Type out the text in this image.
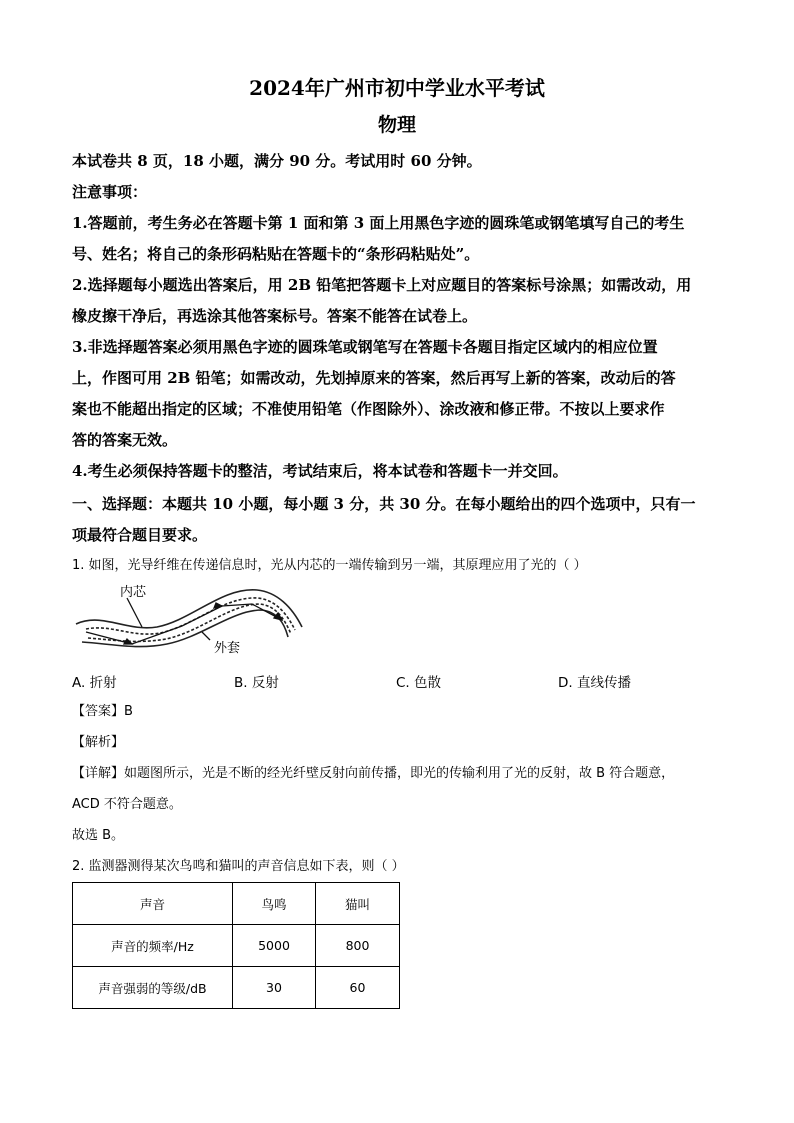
2024年广州市初中学业水平考试
物理
本试卷共 8 页，18 小题，满分 90 分。考试用时 60 分钟。
注意事项：
1.答题前，考生务必在答题卡第 1 面和第 3 面上用黑色字迹的圆珠笔或钢笔填写自己的考生
号、姓名；将自己的条形码粘贴在答题卡的“条形码粘贴处”。
2.选择题每小题选出答案后，用 2B 铅笔把答题卡上对应题目的答案标号涂黑；如需改动，用
橡皮擦干净后，再选涂其他答案标号。答案不能答在试卷上。
3.非选择题答案必须用黑色字迹的圆珠笔或钢笔写在答题卡各题目指定区域内的相应位置
上，作图可用 2B 铅笔；如需改动，先划掉原来的答案，然后再写上新的答案，改动后的答
案也不能超出指定的区域；不准使用铅笔（作图除外）、涂改液和修正带。不按以上要求作
答的答案无效。
4.考生必须保持答题卡的整洁，考试结束后，将本试卷和答题卡一并交回。
一、选择题：本题共 10 小题，每小题 3 分，共 30 分。在每小题给出的四个选项中，只有一
项最符合题目要求。
1. 如图，光导纤维在传递信息时，光从内芯的一端传输到另一端，其原理应用了光的（ ）
内芯
外套
A. 折射	B. 反射	C. 色散	D. 直线传播
【答案】B
【解析】
【详解】如题图所示，光是不断的经光纤壁反射向前传播，即光的传输利用了光的反射，故 B 符合题意，
ACD 不符合题意。
故选 B。
2. 监测器测得某次鸟鸣和猫叫的声音信息如下表，则（ ）
声音	鸟鸣	猫叫
声音的频率/Hz	5000	800
声音强弱的等级/dB	30	60
